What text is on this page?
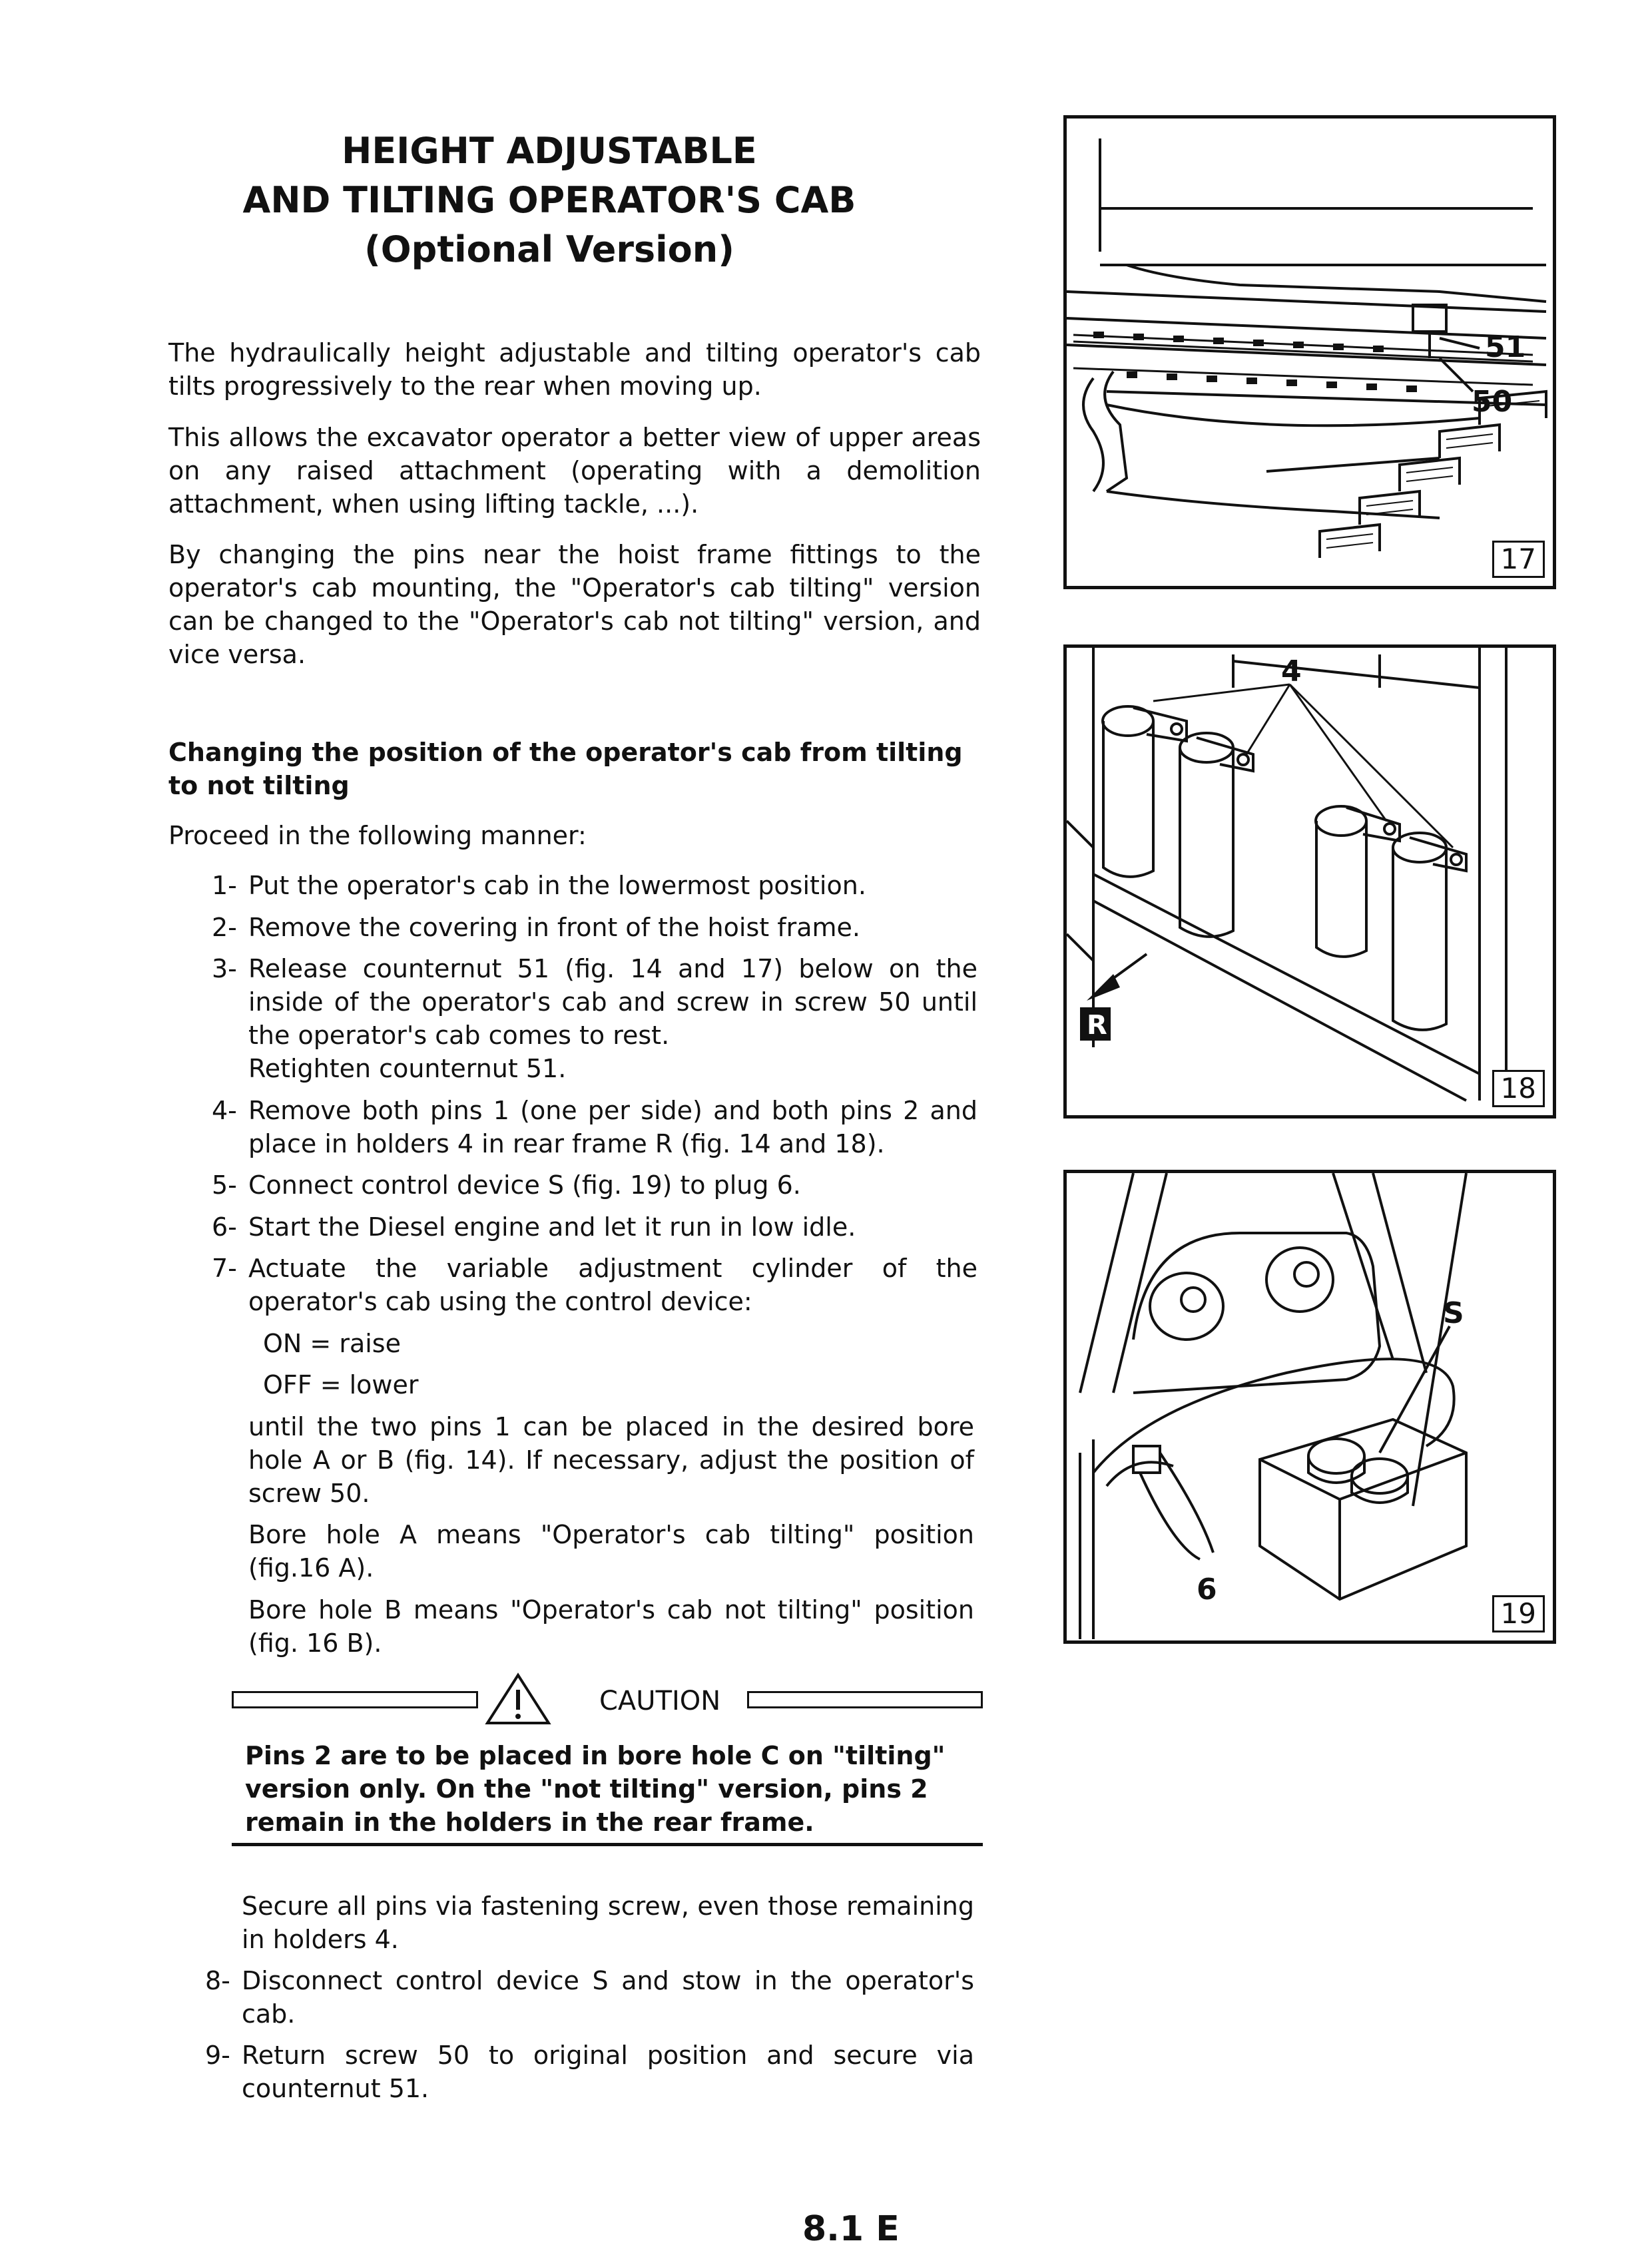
HEIGHT ADJUSTABLE
AND TILTING OPERATOR'S CAB
(Optional Version)
The hydraulically height adjustable and tilting operator's cab tilts progressively to the rear when moving up.
This allows the excavator operator a better view of upper areas on any raised attachment (operating with a demolition attachment, when using lifting tackle, ...).
By changing the pins near the hoist frame fittings to the operator's cab mounting, the "Operator's cab tilting" version can be changed to the "Operator's cab not tilting" version, and vice versa.
Changing the position of the operator's cab from tilting to not tilting
Proceed in the following manner:
1- Put the operator's cab in the lowermost position.
2- Remove the covering in front of the hoist frame.
3- Release counternut 51 (fig. 14 and 17) below on the inside of the operator's cab and screw in screw 50 until the operator's cab comes to rest.
Retighten counternut 51.
4- Remove both pins 1 (one per side) and both pins 2 and place in holders 4 in rear frame R (fig. 14 and 18).
5- Connect control device S (fig. 19) to plug 6.
6- Start the Diesel engine and let it run in low idle.
7- Actuate the variable adjustment cylinder of the operator's cab using the control device:
ON = raise
OFF = lower
until the two pins 1 can be placed in the desired bore hole A or B (fig. 14). If necessary, adjust the position of screw 50.
Bore hole A means "Operator's cab tilting" position (fig.16 A).
Bore hole B means "Operator's cab not tilting" position (fig. 16 B).
CAUTION
Pins 2 are to be placed in bore hole C on "tilting" version only. On the "not tilting" version, pins 2 remain in the holders in the rear frame.
Secure all pins via fastening screw, even those remaining in holders 4.
8- Disconnect control device S and stow in the operator's cab.
9- Return screw 50 to original position and secure via counternut 51.
51
50
17
R
4
18
S
6
19
8.1 E
